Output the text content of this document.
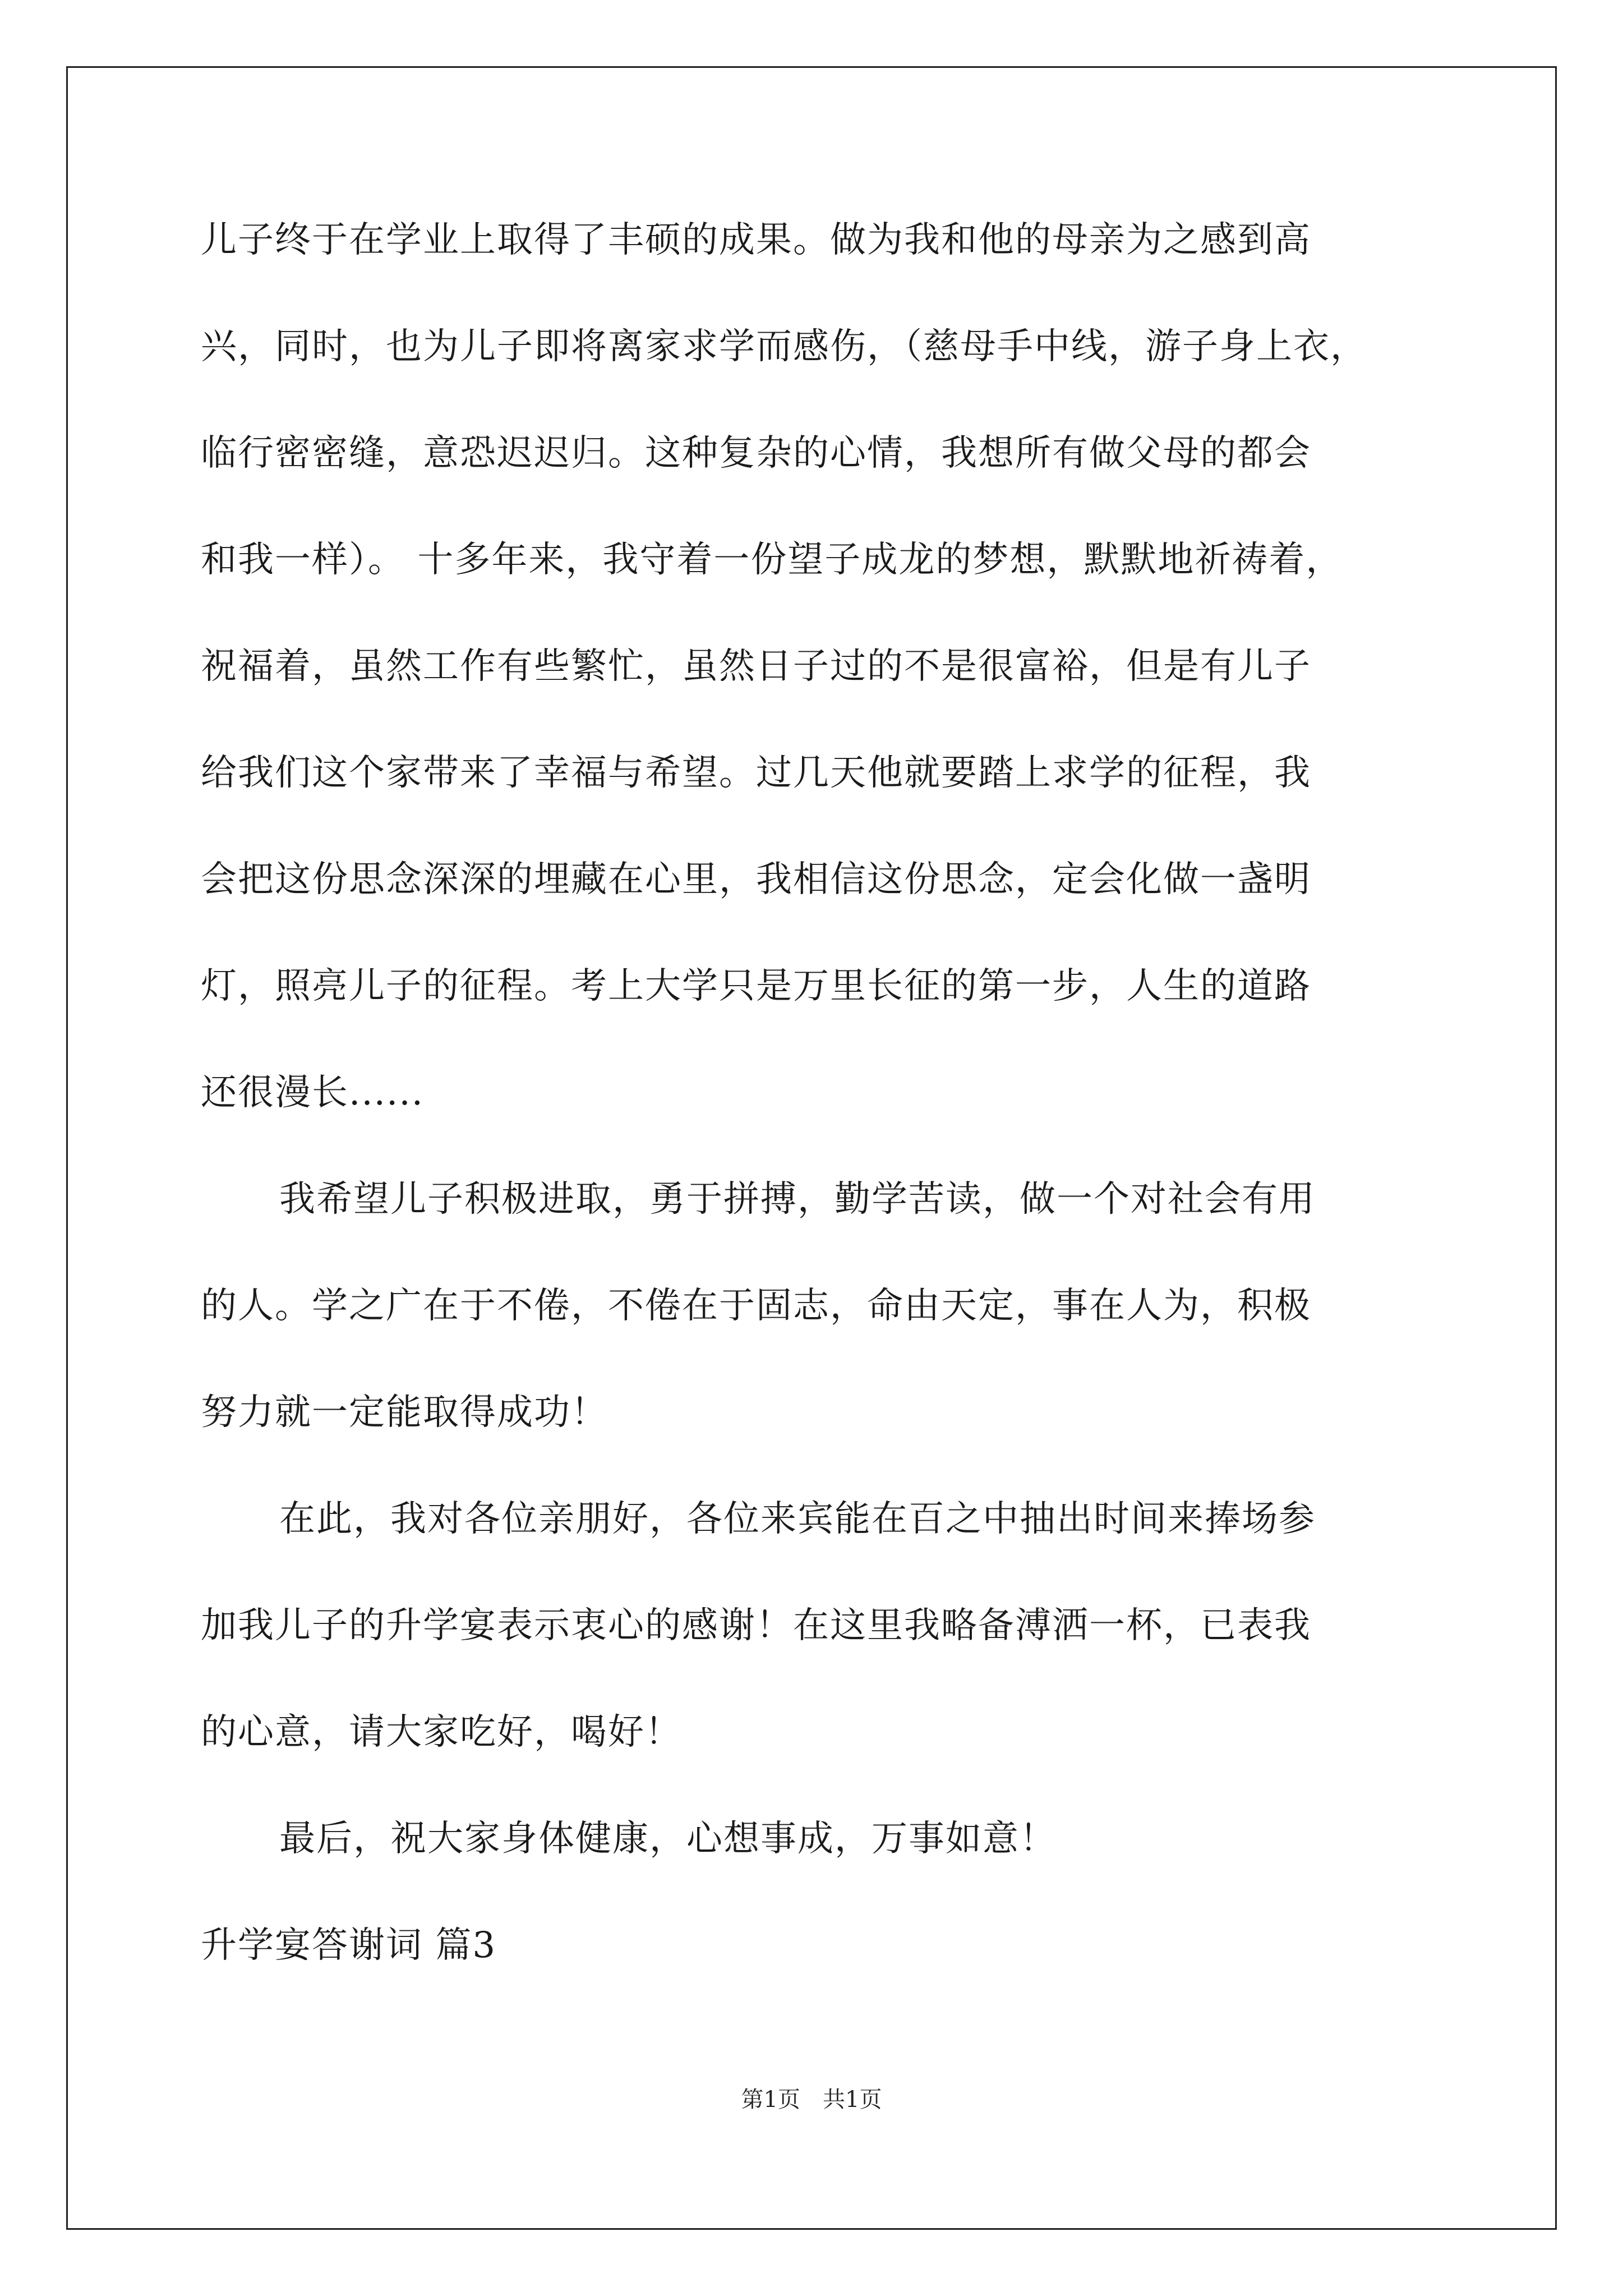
儿子终于在学业上取得了丰硕的成果。做为我和他的母亲为之感到高
兴，同时，也为儿子即将离家求学而感伤，（慈母手中线，游子身上衣，
临行密密缝，意恐迟迟归。这种复杂的心情，我想所有做父母的都会
和我一样）。 十多年来，我守着一份望子成龙的梦想，默默地祈祷着，
祝福着，虽然工作有些繁忙，虽然日子过的不是很富裕，但是有儿子
给我们这个家带来了幸福与希望。过几天他就要踏上求学的征程，我
会把这份思念深深的埋藏在心里，我相信这份思念，定会化做一盏明
灯，照亮儿子的征程。考上大学只是万里长征的第一步，人生的道路
还很漫长......
我希望儿子积极进取，勇于拼搏，勤学苦读，做一个对社会有用
的人。学之广在于不倦，不倦在于固志，命由天定，事在人为，积极
努力就一定能取得成功！
在此，我对各位亲朋好，各位来宾能在百之中抽出时间来捧场参
加我儿子的升学宴表示衷心的感谢！在这里我略备溥洒一杯，已表我
的心意，请大家吃好，喝好！
最后，祝大家身体健康，心想事成，万事如意！
升学宴答谢词 篇3
第1页　共1页
